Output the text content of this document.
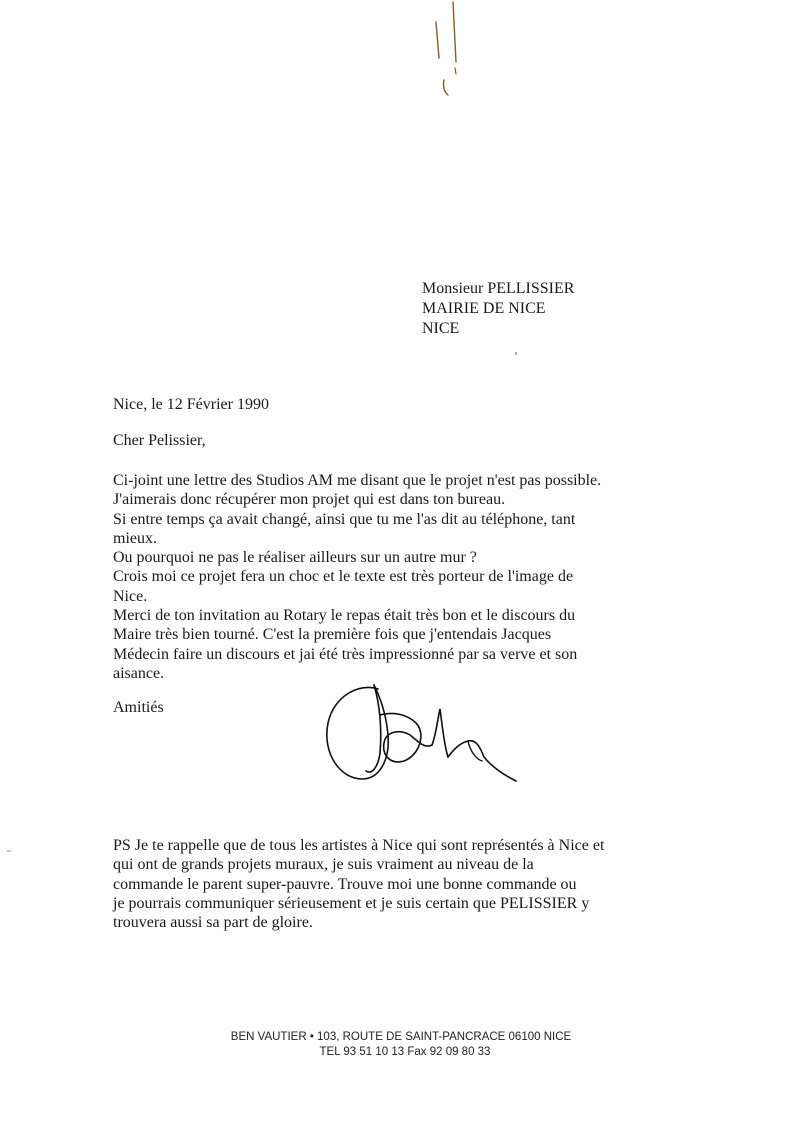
Monsieur PELLISSIER
MAIRIE DE NICE
NICE
Nice, le 12 Février 1990
Cher Pelissier,
Ci-joint une lettre des Studios AM me disant que le projet n'est pas possible.
J'aimerais donc récupérer mon projet qui est dans ton bureau.
Si entre temps ça avait changé, ainsi que tu me l'as dit au téléphone, tant
mieux.
Ou pourquoi ne pas le réaliser ailleurs sur un autre mur ?
Crois moi ce projet fera un choc et le texte est très porteur de l'image de
Nice.
Merci de ton invitation au Rotary le repas était très bon et le discours du
Maire très bien tourné. C'est la première fois que j'entendais Jacques
Médecin faire un discours et jai été très impressionné par sa verve et son
aisance.
Amitiés
PS Je te rappelle que de tous les artistes à Nice qui sont représentés à Nice et
qui ont de grands projets muraux, je suis vraiment au niveau de la
commande le parent super-pauvre. Trouve moi une bonne commande ou
je pourrais communiquer sérieusement et je suis certain que PELISSIER y
trouvera aussi sa part de gloire.
BEN VAUTIER • 103, ROUTE DE SAINT-PANCRACE 06100 NICE
TEL 93 51 10 13 Fax 92 09 80 33
